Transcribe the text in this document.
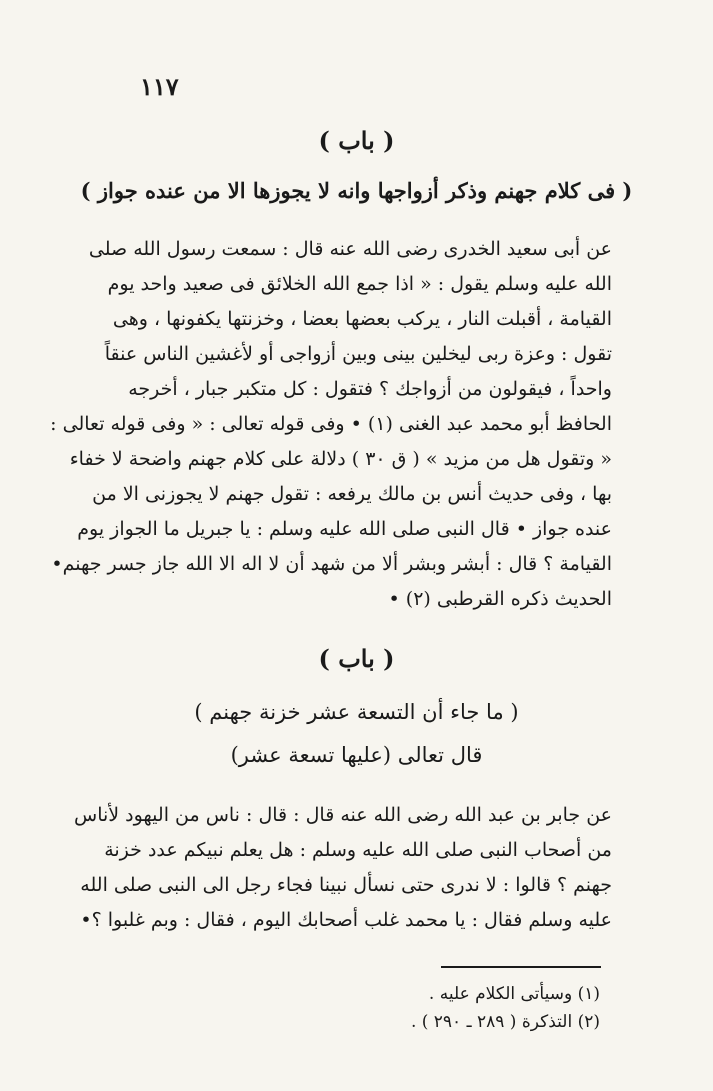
١١٧
( باب )
( فى كلام جهنم وذكر أزواجها وانه لا يجوزها الا من عنده جواز )
عن أبى سعيد الخدرى رضى الله عنه قال : سمعت رسول الله صلى
الله عليه وسلم يقول : « اذا جمع الله الخلائق فى صعيد واحد يوم
القيامة ، أقبلت النار ، يركب بعضها بعضا ، وخزنتها يكفونها ، وهى
تقول : وعزة ربى ليخلين بينى وبين أزواجى أو لأغشين الناس عنقاً
واحداً ، فيقولون من أزواجك ؟ فتقول : كل متكبر جبار ، أخرجه
الحافظ أبو محمد عبد الغنى (١) • وفى قوله تعالى : « وفى قوله تعالى :
« وتقول هل من مزيد » ( ق ٣٠ ) دلالة على كلام جهنم واضحة لا خفاء
بها ، وفى حديث أنس بن مالك يرفعه : تقول جهنم لا يجوزنى الا من
عنده جواز • قال النبى صلى الله عليه وسلم : يا جبريل ما الجواز يوم
القيامة ؟ قال : أبشر وبشر ألا من شهد أن لا اله الا الله جاز جسر جهنم•
الحديث ذكره القرطبى (٢) •
( باب )
( ما جاء أن التسعة عشر خزنة جهنم )
قال تعالى (عليها تسعة عشر)
عن جابر بن عبد الله رضى الله عنه قال : قال : ناس من اليهود لأناس
من أصحاب النبى صلى الله عليه وسلم : هل يعلم نبيكم عدد خزنة
جهنم ؟ قالوا : لا ندرى حتى نسأل نبينا فجاء رجل الى النبى صلى الله
عليه وسلم فقال : يا محمد غلب أصحابك اليوم ، فقال : وبم غلبوا ؟•
(١) وسيأتى الكلام عليه .
(٢) التذكرة ( ٢٨٩ ـ ٢٩٠ ) .
